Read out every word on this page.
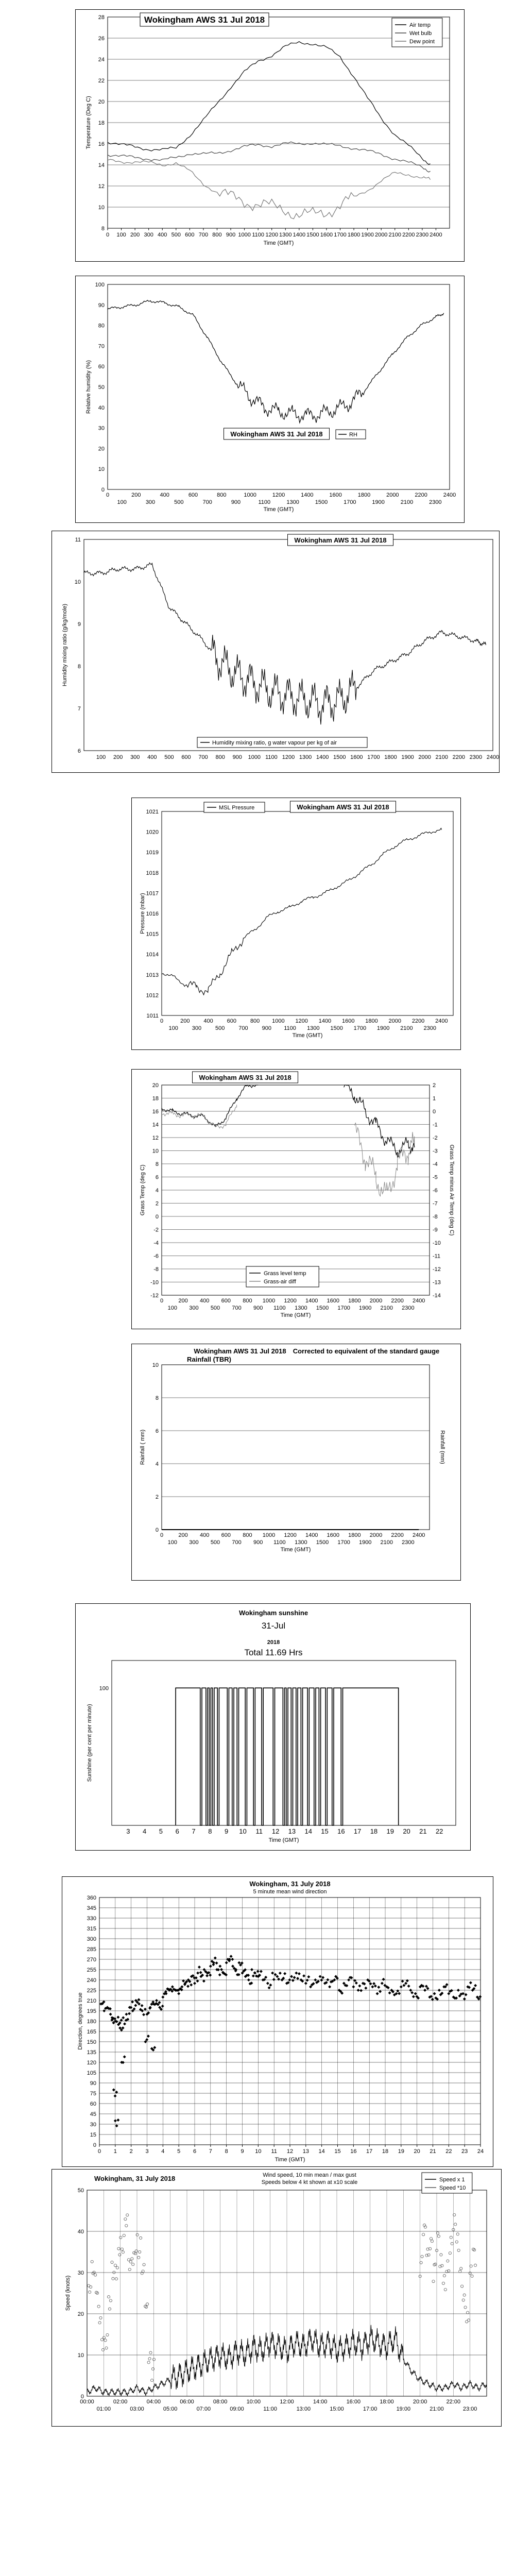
8
10
12
14
16
18
20
22
24
26
28
0 100 200 300 400 500 600 700 800 900 1000 1100 1200 1300 1400 1500 1600 1700 1800 1900 2000 2100 2200 2300 2400
Time (GMT)
Temperature (Deg C)
Wokingham AWS 31 Jul 2018
Air temp
Wet bulb
Dew point
0
10
20
30
40
50
60
70
80
90
100
0	200	400	600	800	1000	1200	1400	1600	1800	2000	2200	2400
100	300	500	700	900	1100	1300	1500	1700	1900	2100	2300
Time (GMT)
Relative humidity (%)
Wokingham AWS 31 Jul 2018	RH
6
7
8
9
10
11
100 200 300 400 500 600 700 800 900 1000 1100 1200 1300 1400 1500 1600 1700 1800 1900 2000 2100 2200 2300 2400
Humidity mixing ratio (g/kg/mole)
Wokingham AWS 31 Jul 2018
Humidity mixing ratio, g water vapour per kg of air
1011
1012
1013
1014
1015
1016
1017
1018
1019
1020
1021
0	200 400 600 800 1000 1200 1400 1600 1800 2000 2200 2400
100 300 500 700 900 1100 1300 1500 1700 1900 2100 2300
Time (GMT)
Pressure (mbar)
Wokingham AWS 31 Jul 2018
MSL Pressure
-12
-10
-8
-6
-4
-2
0
2
4
6
8
10
12
14
16
18
20
0	200 400 600 800 1000 1200 1400 1600 1800 2000 2200 2400
100 300 500 700 900 1100 1300 1500 1700 1900 2100 2300
Time (GMT)
Grass Temp (deg C)
-14
-13
-12
-11
-10
-9
-8
-7
-6
-5
-4
-3
-2
-1
0
1
2
Grass Temp minus Air Temp (deg C)
Wokingham AWS 31 Jul 2018
Grass level temp
Grass-air diff
0
2
4
6
8
10
0	200 400 600 800 1000 1200 1400 1600 1800 2000 2200 2400
100 300 500 700 900 1100 1300 1500 1700 1900 2100 2300
Time (GMT)
Rainfall ( mm)	Rainfall (mm)
Wokingham AWS 31 Jul 2018
Rainfall (TBR)
Corrected to equivalent of the standard gauge
100
3 4 5 6 7 8 9 10 11 12 13 14 15 16 17 18 19 20 21 22
Time (GMT)
Sunshine (per cent per minute)
Wokingham sunshine
31-Jul
2018
Total 11.69 Hrs
0
15
30
45
60
75
90
105
120
135
150
165
180
195
210
225
240
255
270
285
300
315
330
345
360
0 1 2 3 4 5 6 7 8 9 10 11 12 13 14 15 16 17 18 19 20 21 22 23 24
Time (GMT)
Direction, degrees true
Wokingham, 31 July 2018
5 minute mean wind direction
0
10
20
30
40
50
00:00	02:00	04:00	06:00	08:00	10:00	12:00	14:00	16:00	18:00	20:00	22:00
01:00	03:00	05:00	07:00	09:00	11:00	13:00	15:00	17:00	19:00	21:00	23:00
Speed (knots)
Wokingham, 31 July 2018	Wind speed, 10 min mean / max gust
Speeds below 4 kt shown at x10 scale	Speed x 1
Speed *10
